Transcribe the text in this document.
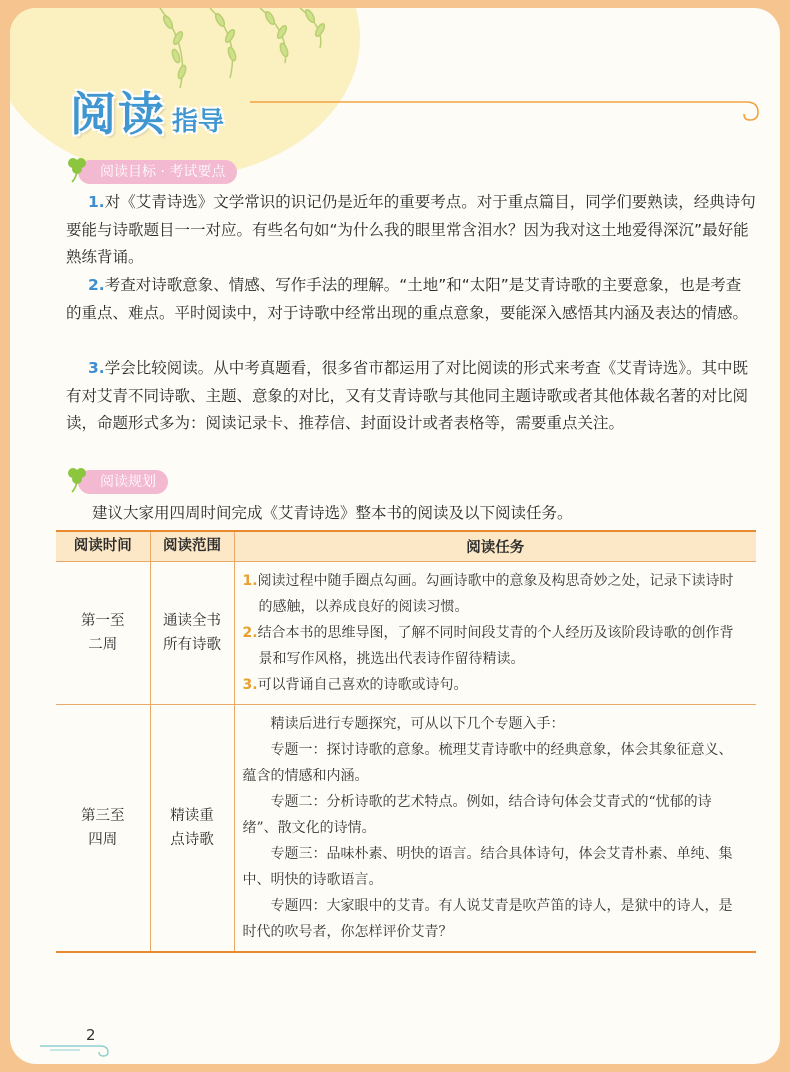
阅读 指导
阅读目标 · 考试要点
1.对《艾青诗选》文学常识的识记仍是近年的重要考点。对于重点篇目，同学们要熟读，经典诗句要能与诗歌题目一一对应。有些名句如“为什么我的眼里常含泪水？因为我对这土地爱得深沉”最好能熟练背诵。
2.考查对诗歌意象、情感、写作手法的理解。“土地”和“太阳”是艾青诗歌的主要意象，也是考查的重点、难点。平时阅读中，对于诗歌中经常出现的重点意象，要能深入感悟其内涵及表达的情感。
3.学会比较阅读。从中考真题看，很多省市都运用了对比阅读的形式来考查《艾青诗选》。其中既有对艾青不同诗歌、主题、意象的对比，又有艾青诗歌与其他同主题诗歌或者其他体裁名著的对比阅读，命题形式多为：阅读记录卡、推荐信、封面设计或者表格等，需要重点关注。
阅读规划
建议大家用四周时间完成《艾青诗选》整本书的阅读及以下阅读任务。
阅读时间	阅读范围	阅读任务

第一至二周	通读全书所有诗歌	1.阅读过程中随手圈点勾画。勾画诗歌中的意象及构思奇妙之处，记录下读诗时的感触，以养成良好的阅读习惯。

2.结合本书的思维导图，了解不同时间段艾青的个人经历及该阶段诗歌的创作背景和写作风格，挑选出代表诗作留待精读。

3.可以背诵自己喜欢的诗歌或诗句。

第三至四周	精读重点诗歌	精读后进行专题探究，可从以下几个专题入手：

专题一：探讨诗歌的意象。梳理艾青诗歌中的经典意象，体会其象征意义、蕴含的情感和内涵。

专题二：分析诗歌的艺术特点。例如，结合诗句体会艾青式的“忧郁的诗绪”、散文化的诗情。

专题三：品味朴素、明快的语言。结合具体诗句，体会艾青朴素、单纯、集中、明快的诗歌语言。

专题四：大家眼中的艾青。有人说艾青是吹芦笛的诗人，是狱中的诗人，是时代的吹号者，你怎样评价艾青？

2
